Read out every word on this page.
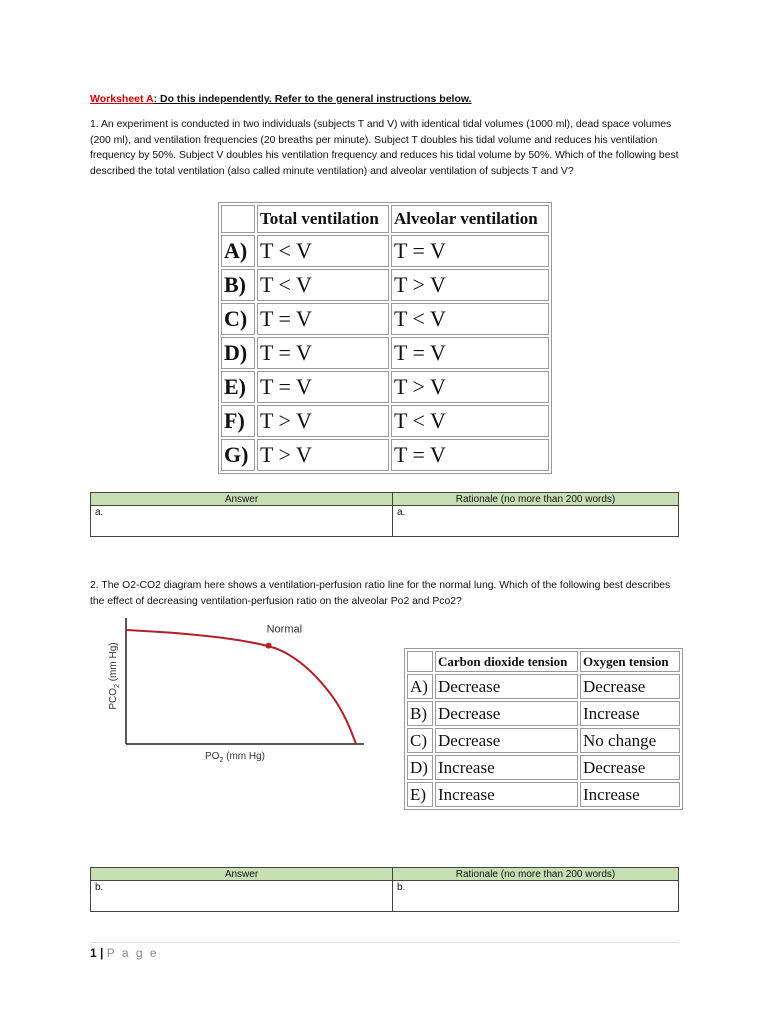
Worksheet A: Do this independently. Refer to the general instructions below.

1. An experiment is conducted in two individuals (subjects T and V) with identical tidal volumes (1000 ml), dead space volumes (200 ml), and ventilation frequencies (20 breaths per minute). Subject T doubles his tidal volume and reduces his ventilation frequency by 50%. Subject V doubles his ventilation frequency and reduces his tidal volume by 50%. Which of the following best described the total ventilation (also called minute ventilation) and alveolar ventilation of subjects T and V?

	Total ventilation	Alveolar ventilation
A)	T < V	T = V
B)	T < V	T > V
C)	T = V	T < V
D)	T = V	T = V
E)	T = V	T > V
F)	T > V	T < V
G)	T > V	T = V
Answer	Rationale (no more than 200 words)
a.	a.

2. The O2-CO2 diagram here shows a ventilation-perfusion ratio line for the normal lung. Which of the following best describes the effect of decreasing ventilation-perfusion ratio on the alveolar Po2 and Pco2?

Normal
$PO_2$ (mm Hg)
$PCO_2$ (mm Hg)
		Carbon dioxide tension	Oxygen tension
A)	Decrease	Decrease
B)	Decrease	Increase
C)	Decrease	No change
D)	Increase	Decrease
E)	Increase	Increase
Answer	Rationale (no more than 200 words)
b.	b.
1 | P a g e
